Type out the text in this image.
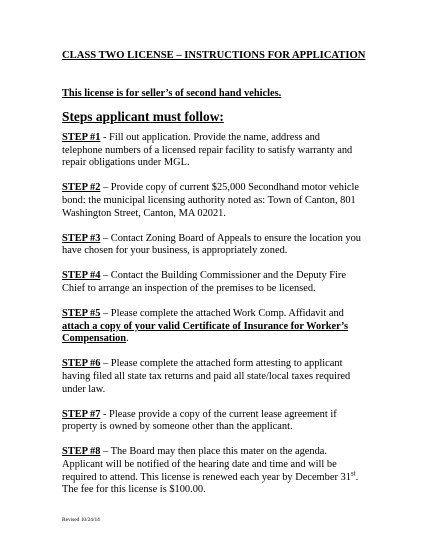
CLASS TWO LICENSE – INSTRUCTIONS FOR APPLICATION
This license is for seller’s of second hand vehicles.
Steps applicant must follow:
STEP #1 - Fill out application. Provide the name, address and telephone numbers of a licensed repair facility to satisfy warranty and repair obligations under MGL.
STEP #2 – Provide copy of current $25,000 Secondhand motor vehicle bond: the municipal licensing authority noted as: Town of Canton, 801 Washington Street, Canton, MA 02021.
STEP #3 – Contact Zoning Board of Appeals to ensure the location you have chosen for your business, is appropriately zoned.
STEP #4 – Contact the Building Commissioner and the Deputy Fire Chief to arrange an inspection of the premises to be licensed.
STEP #5 – Please complete the attached Work Comp. Affidavit and attach a copy of your valid Certificate of Insurance for Worker’s Compensation.
STEP #6 – Please complete the attached form attesting to applicant having filed all state tax returns and paid all state/local taxes required under law.
STEP #7 - Please provide a copy of the current lease agreement if property is owned by someone other than the applicant.
STEP #8 – The Board may then place this mater on the agenda. Applicant will be notified of the hearing date and time and will be required to attend. This license is renewed each year by December 31st. The fee for this license is $100.00.
Revised 10/24/14
